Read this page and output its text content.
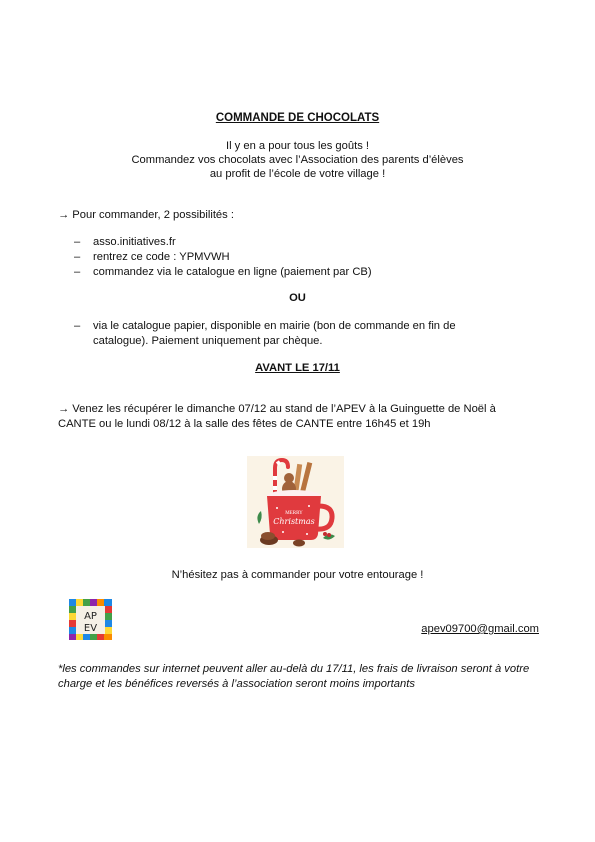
COMMANDE DE CHOCOLATS
Il y en a pour tous les goûts !
Commandez vos chocolats avec l’Association des parents d’élèves
au profit de l’école de votre village !
→ Pour commander, 2 possibilités :
– asso.initiatives.fr
– rentrez ce code : YPMVWH
– commandez via le catalogue en ligne (paiement par CB)
OU
– via le catalogue papier, disponible en mairie (bon de commande en fin de catalogue). Paiement uniquement par chèque.
AVANT LE 17/11
→ Venez les récupérer le dimanche 07/12 au stand de l’APEV à la Guinguette de Noël à CANTE ou le lundi 08/12 à la salle des fêtes de CANTE entre 16h45 et 19h
MERRY
Christmas
N’hésitez pas à commander pour votre entourage !
AP
EV	apev09700@gmail.com
*les commandes sur internet peuvent aller au-delà du 17/11, les frais de livraison seront à votre charge et les bénéfices reversés à l’association seront moins importants
